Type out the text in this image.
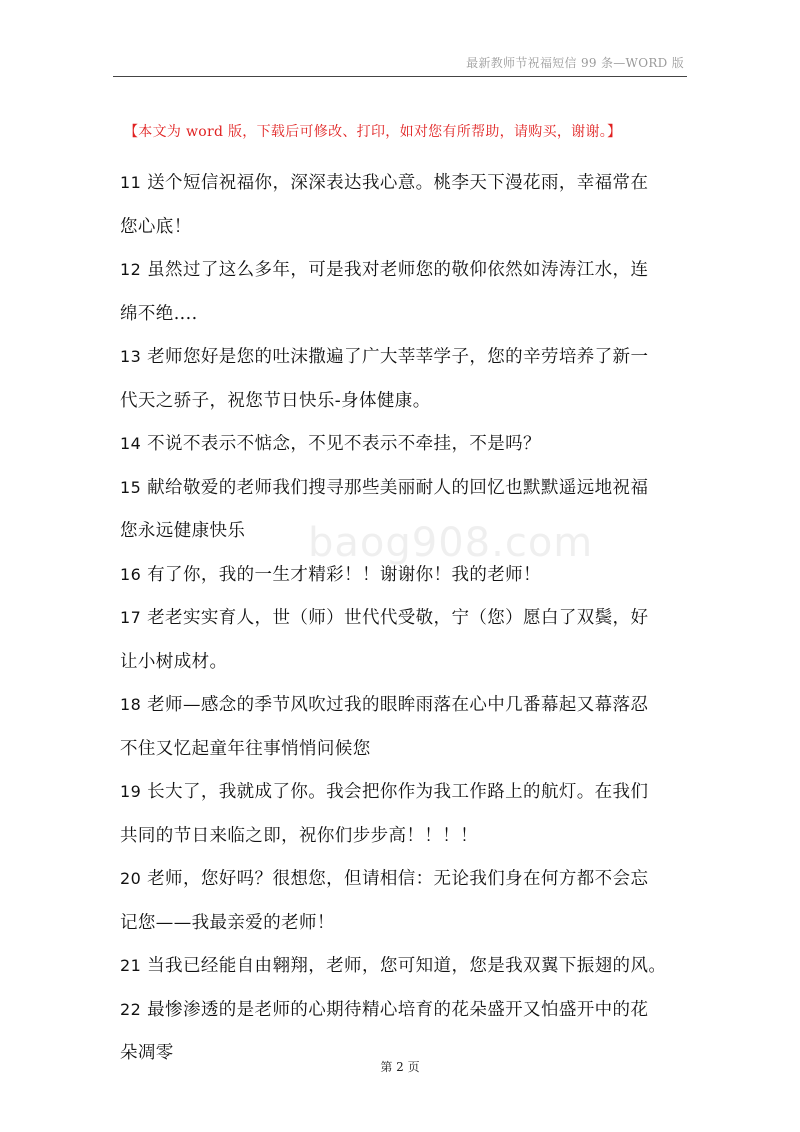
最新教师节祝福短信 99 条—WORD 版
【本文为 word 版，下载后可修改、打印，如对您有所帮助，请购买，谢谢。】
baog908.com
11 送个短信祝福你，深深表达我心意。桃李天下漫花雨，幸福常在
您心底！
12 虽然过了这么多年，可是我对老师您的敬仰依然如涛涛江水，连
绵不绝....
13 老师您好是您的吐沫撒遍了广大莘莘学子，您的辛劳培养了新一
代天之骄子，祝您节日快乐-身体健康。
14 不说不表示不惦念，不见不表示不牵挂，不是吗？
15 献给敬爱的老师我们搜寻那些美丽耐人的回忆也默默遥远地祝福
您永远健康快乐
16 有了你，我的一生才精彩！！谢谢你！我的老师！
17 老老实实育人，世（师）世代代受敬，宁（您）愿白了双鬓，好
让小树成材。
18 老师—感念的季节风吹过我的眼眸雨落在心中几番幕起又幕落忍
不住又忆起童年往事悄悄问候您
19 长大了，我就成了你。我会把你作为我工作路上的航灯。在我们
共同的节日来临之即，祝你们步步高！！！！
20 老师，您好吗？很想您，但请相信：无论我们身在何方都不会忘
记您——我最亲爱的老师！
21 当我已经能自由翱翔，老师，您可知道，您是我双翼下振翅的风。
22 最惨渗透的是老师的心期待精心培育的花朵盛开又怕盛开中的花
朵凋零
第 2 页
